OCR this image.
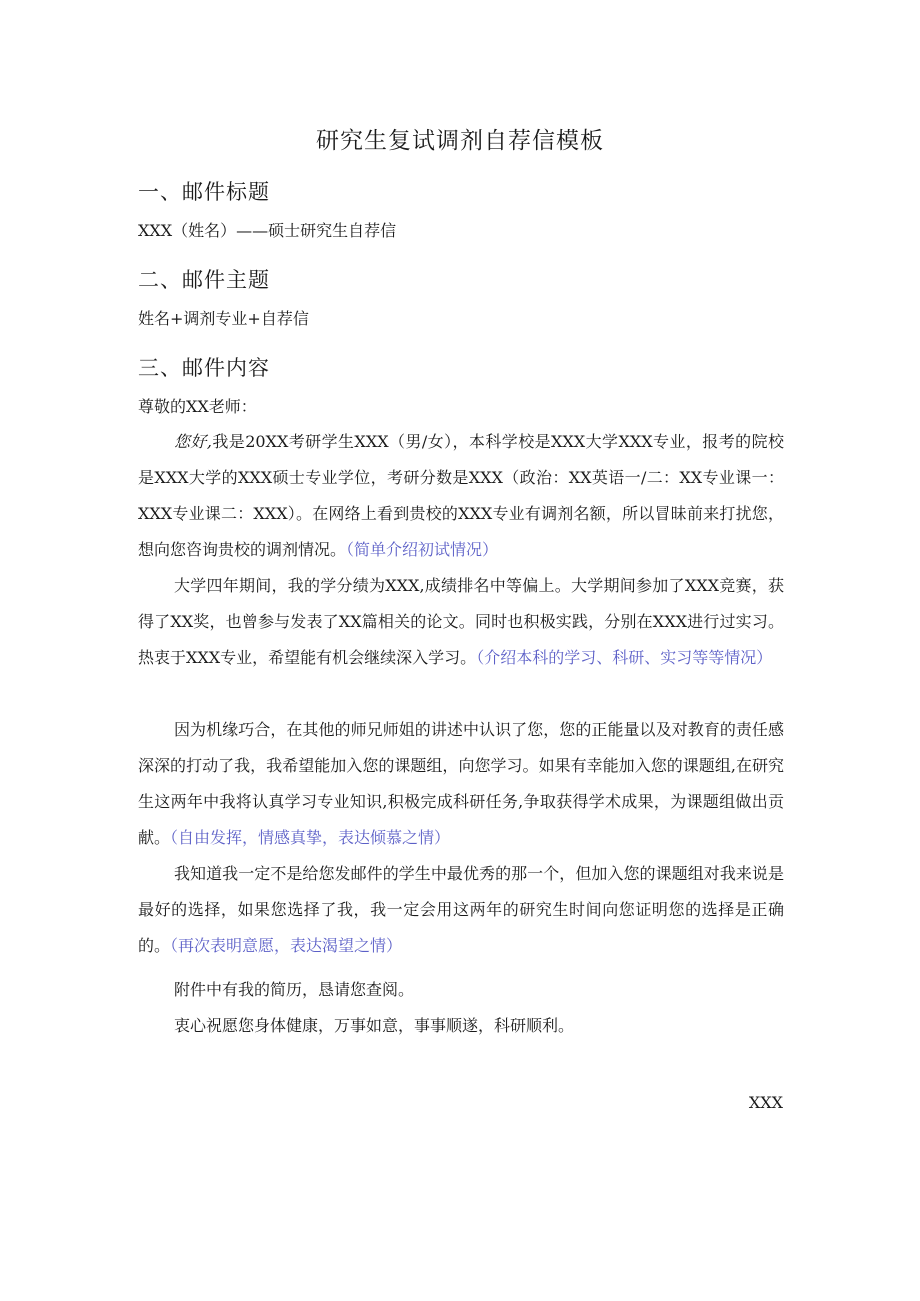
研究生复试调剂自荐信模板
一、邮件标题
XXX（姓名）——硕士研究生自荐信
二、邮件主题
姓名+调剂专业+自荐信
三、邮件内容
尊敬的XX老师：

您好,我是20XX考研学生XXX（男/女），本科学校是XXX大学XXX专业，报考的院校是XXX大学的XXX硕士专业学位，考研分数是XXX（政治：XX英语一/二：XX专业课一：XXX专业课二：XXX）。在网络上看到贵校的XXX专业有调剂名额，所以冒昧前来打扰您，想向您咨询贵校的调剂情况。（简单介绍初试情况）

大学四年期间，我的学分绩为XXX,成绩排名中等偏上。大学期间参加了XXX竞赛，获得了XX奖，也曾参与发表了XX篇相关的论文。同时也积极实践，分别在XXX进行过实习。热衷于XXX专业，希望能有机会继续深入学习。（介绍本科的学习、科研、实习等等情况）

因为机缘巧合，在其他的师兄师姐的讲述中认识了您，您的正能量以及对教育的责任感深深的打动了我，我希望能加入您的课题组，向您学习。如果有幸能加入您的课题组,在研究生这两年中我将认真学习专业知识,积极完成科研任务,争取获得学术成果，为课题组做出贡献。（自由发挥，情感真挚，表达倾慕之情）

我知道我一定不是给您发邮件的学生中最优秀的那一个，但加入您的课题组对我来说是最好的选择，如果您选择了我，我一定会用这两年的研究生时间向您证明您的选择是正确的。（再次表明意愿，表达渴望之情）

附件中有我的简历，恳请您查阅。

衷心祝愿您身体健康，万事如意，事事顺遂，科研顺利。

XXX
